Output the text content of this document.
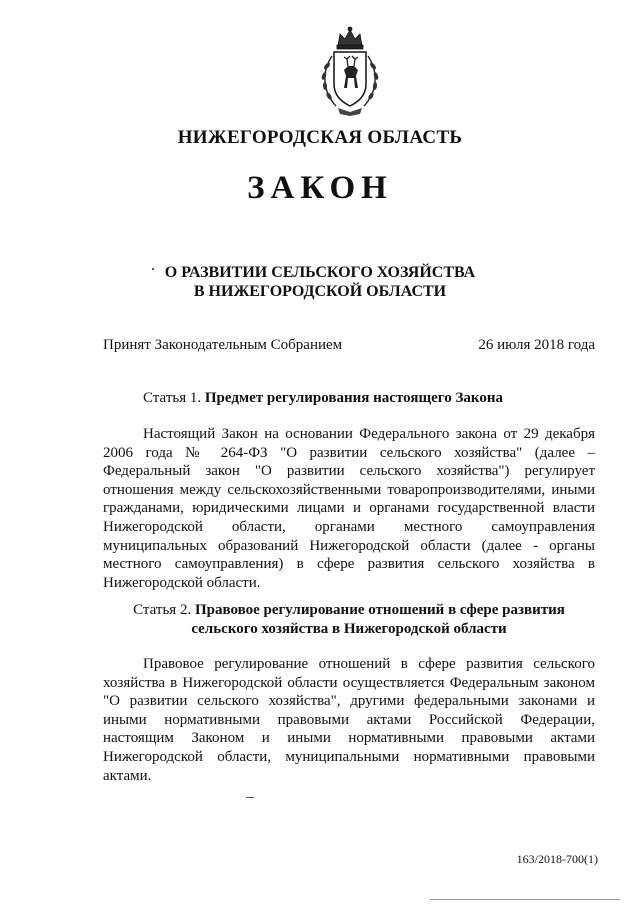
НИЖЕГОРОДСКАЯ ОБЛАСТЬ
ЗАКОН
О РАЗВИТИИ СЕЛЬСКОГО ХОЗЯЙСТВА
В НИЖЕГОРОДСКОЙ ОБЛАСТИ
Принят Законодательным Собранием	26 июля 2018 года
Статья 1. Предмет регулирования настоящего Закона

Настоящий Закон на основании Федерального закона от 29 декабря 2006 года № 264-ФЗ "О развитии сельского хозяйства" (далее – Федеральный закон "О развитии сельского хозяйства") регулирует отношения между сельскохозяйственными товаропроизводителями, иными гражданами, юридическими лицами и органами государственной власти Нижегородской области, органами местного самоуправления муниципальных образований Нижегородской области (далее - органы местного самоуправления) в сфере развития сельского хозяйства в Нижегородской области.

Статья 2. Правовое регулирование отношений в сфере развития
сельского хозяйства в Нижегородской области

Правовое регулирование отношений в сфере развития сельского хозяйства в Нижегородской области осуществляется Федеральным законом "О развитии сельского хозяйства", другими федеральными законами и иными нормативными правовыми актами Российской Федерации, настоящим Законом и иными нормативными правовыми актами Нижегородской области, муниципальными нормативными правовыми актами.

163/2018-700(1)
